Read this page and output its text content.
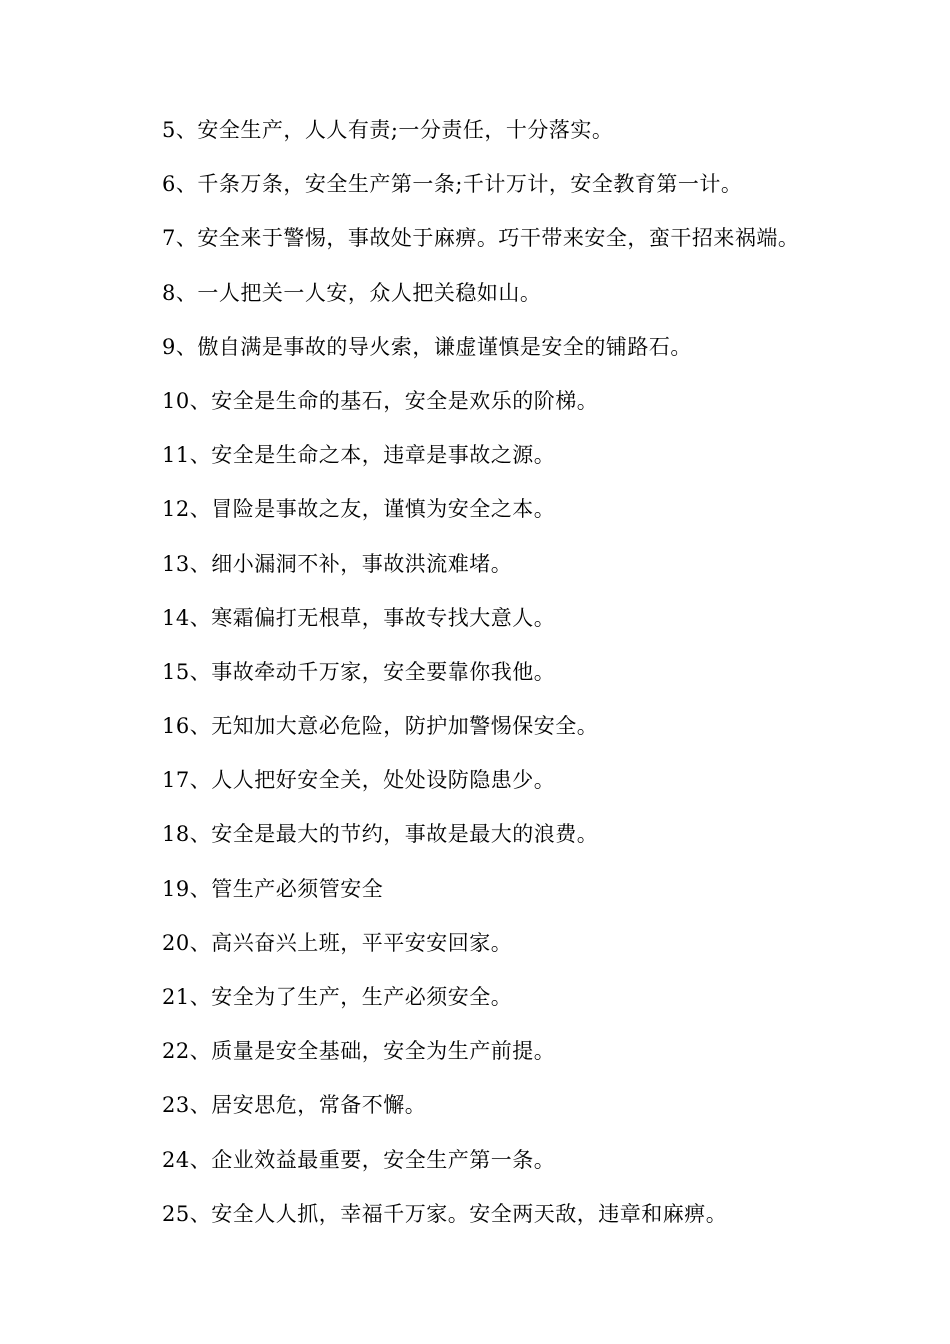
5、安全生产，人人有责;一分责任，十分落实。
6、千条万条，安全生产第一条;千计万计，安全教育第一计。
7、安全来于警惕，事故处于麻痹。巧干带来安全，蛮干招来祸端。
8、一人把关一人安，众人把关稳如山。
9、傲自满是事故的导火索，谦虚谨慎是安全的铺路石。
10、安全是生命的基石，安全是欢乐的阶梯。
11、安全是生命之本，违章是事故之源。
12、冒险是事故之友，谨慎为安全之本。
13、细小漏洞不补，事故洪流难堵。
14、寒霜偏打无根草，事故专找大意人。
15、事故牵动千万家，安全要靠你我他。
16、无知加大意必危险，防护加警惕保安全。
17、人人把好安全关，处处设防隐患少。
18、安全是最大的节约，事故是最大的浪费。
19、管生产必须管安全
20、高兴奋兴上班，平平安安回家。
21、安全为了生产，生产必须安全。
22、质量是安全基础，安全为生产前提。
23、居安思危，常备不懈。
24、企业效益最重要，安全生产第一条。
25、安全人人抓，幸福千万家。安全两天敌，违章和麻痹。
